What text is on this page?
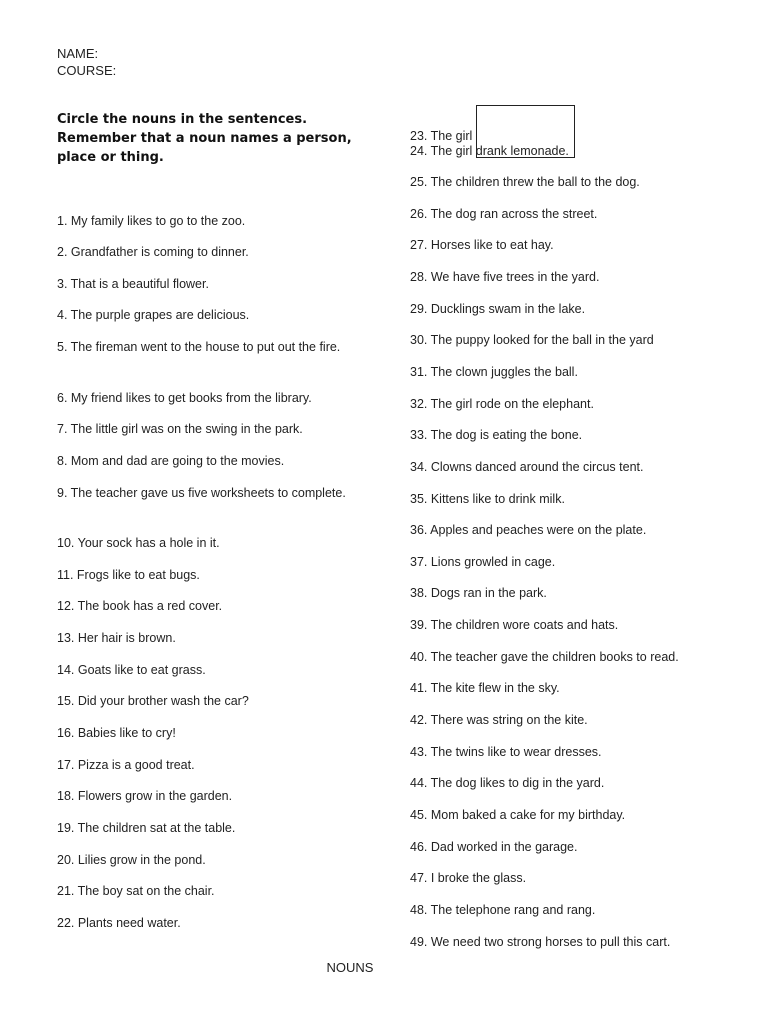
NAME:
COURSE:
Circle the nouns in the sentences. Remember that a noun names a person, place or thing.
1. My family likes to go to the zoo.
2. Grandfather is coming to dinner.
3. That is a beautiful flower.
4. The purple grapes are delicious.
5. The fireman went to the house to put out the fire.
6. My friend likes to get books from the library.
7. The little girl was on the swing in the park.
8. Mom and dad are going to the movies.
9. The teacher gave us five worksheets to complete.
10. Your sock has a hole in it.
11. Frogs like to eat bugs.
12. The book has a red cover.
13. Her hair is brown.
14. Goats like to eat grass.
15. Did your brother wash the car?
16. Babies like to cry!
17. Pizza is a good treat.
18. Flowers grow in the garden.
19. The children sat at the table.
20. Lilies grow in the pond.
21. The boy sat on the chair.
22. Plants need water.
23. The girl
24. The girl drank lemonade.
25. The children threw the ball to the dog.
26. The dog ran across the street.
27. Horses like to eat hay.
28. We have five trees in the yard.
29. Ducklings swam in the lake.
30. The puppy looked for the ball in the yard
31. The clown juggles the ball.
32. The girl rode on the elephant.
33. The dog is eating the bone.
34. Clowns danced around the circus tent.
35. Kittens like to drink milk.
36. Apples and peaches were on the plate.
37. Lions growled in cage.
38. Dogs ran in the park.
39. The children wore coats and hats.
40. The teacher gave the children books to read.
41. The kite flew in the sky.
42. There was string on the kite.
43. The twins like to wear dresses.
44. The dog likes to dig in the yard.
45. Mom baked a cake for my birthday.
46. Dad worked in the garage.
47. I broke the glass.
48. The telephone rang and rang.
49. We need two strong horses to pull this cart.
NOUNS
